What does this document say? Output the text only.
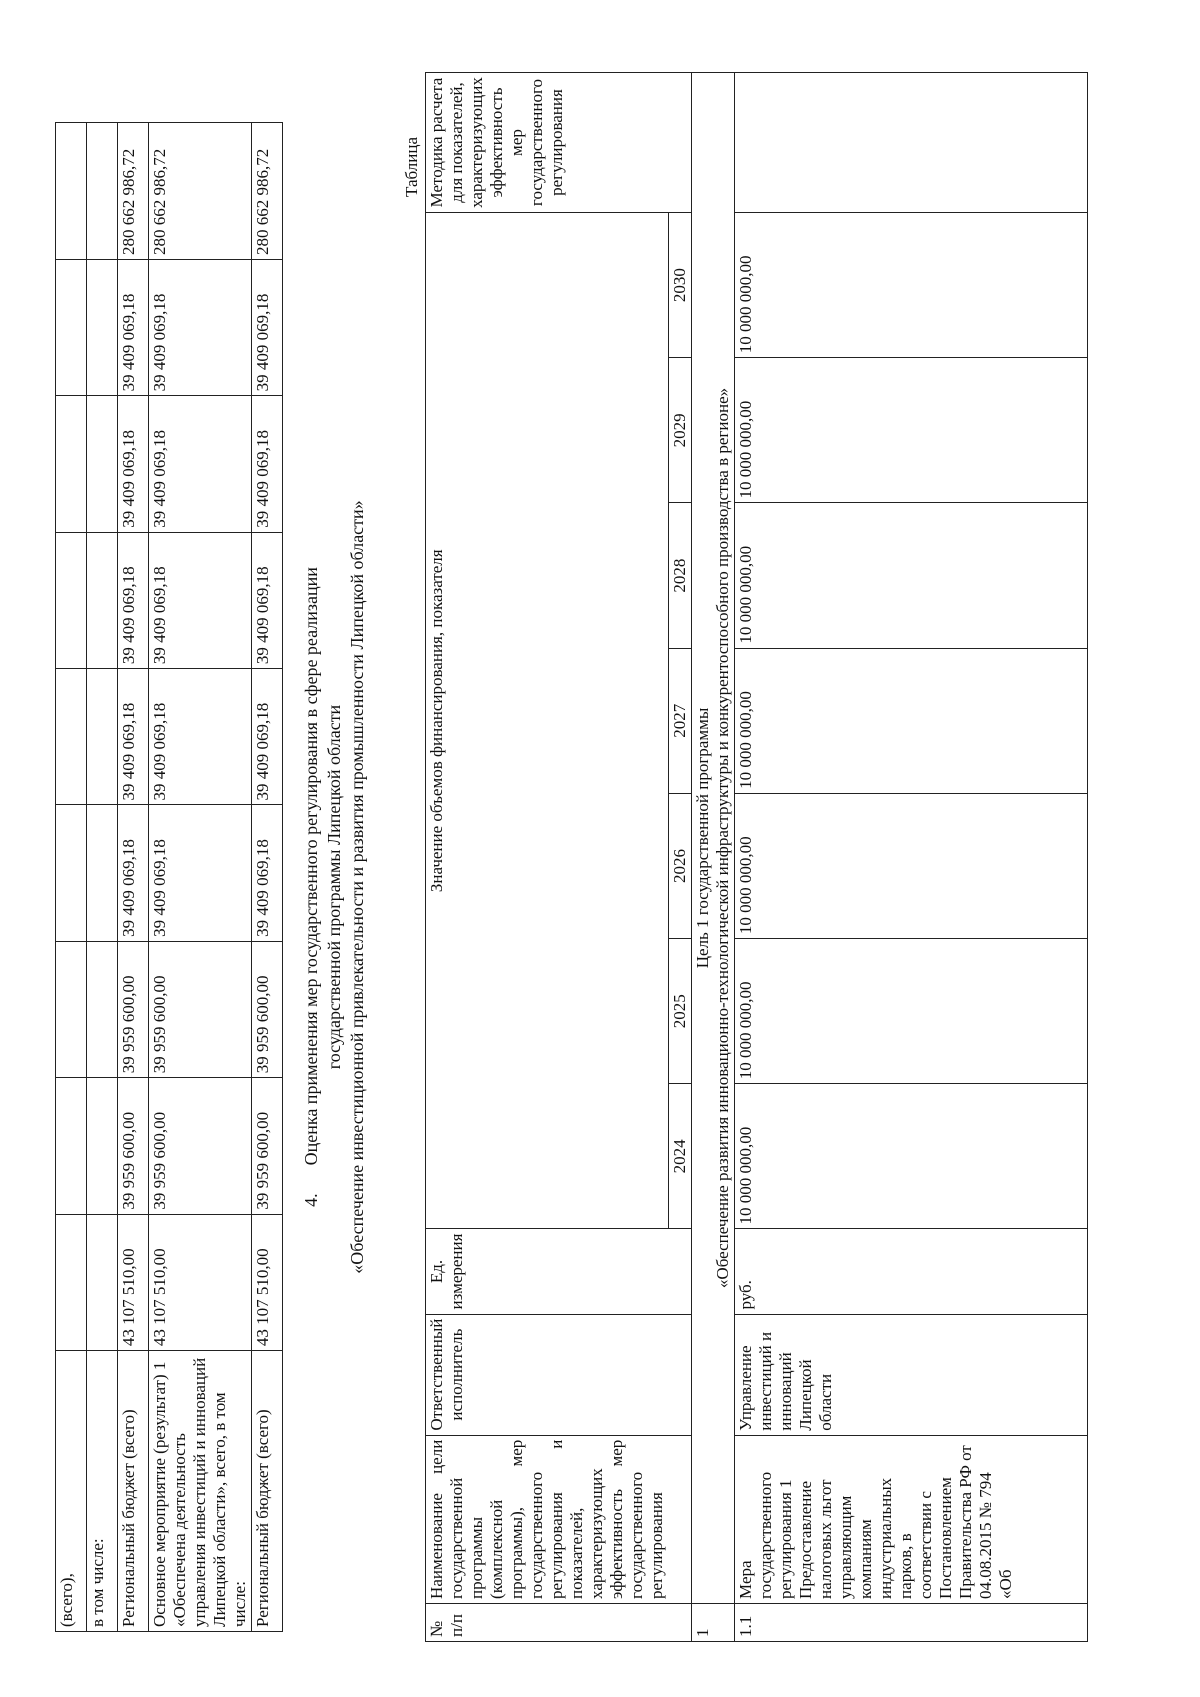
(всего),									
в том числе:									
Региональный бюджет (всего)	43 107 510,00	39 959 600,00	39 959 600,00	39 409 069,18	39 409 069,18	39 409 069,18	39 409 069,18	39 409 069,18	280 662 986,72
Основное мероприятие (результат) 1 «Обеспечена деятельность управления инвестиций и инноваций Липецкой области», всего, в том числе:	43 107 510,00	39 959 600,00	39 959 600,00	39 409 069,18	39 409 069,18	39 409 069,18	39 409 069,18	39 409 069,18	280 662 986,72
Региональный бюджет (всего)	43 107 510,00	39 959 600,00	39 959 600,00	39 409 069,18	39 409 069,18	39 409 069,18	39 409 069,18	39 409 069,18	280 662 986,72
4.Оценка применения мер государственного регулирования в сфере реализации государственной программы Липецкой области «Обеспечение инвестиционной привлекательности и развития промышленности Липецкой области»
Таблица
№ п/п	Наименование цели государственной программы (комплексной программы), мер государственного регулирования и показателей, характеризующих эффективность мер государственного регулирования	Ответственный исполнитель	Ед. измерения	Значение объемов финансирования, показателя							Методика расчета для показателей, характеризующих эффективность мер государственного регулирования
				2024	2025	2026	2027	2028	2029	2030	
1	Цель 1 государственной программы «Обеспечение развития инновационно-технологической инфраструктуры и конкурентоспособного производства в регионе»										

1.1	Мера государственного регулирования 1 Предоставление налоговых льгот управляющим компаниям индустриальных парков, в соответствии с Постановлением Правительства РФ от 04.08.2015 № 794 «Об	Управление инвестиций и инноваций Липецкой области	руб.	10 000 000,00	10 000 000,00	10 000 000,00	10 000 000,00	10 000 000,00	10 000 000,00	10 000 000,00	
